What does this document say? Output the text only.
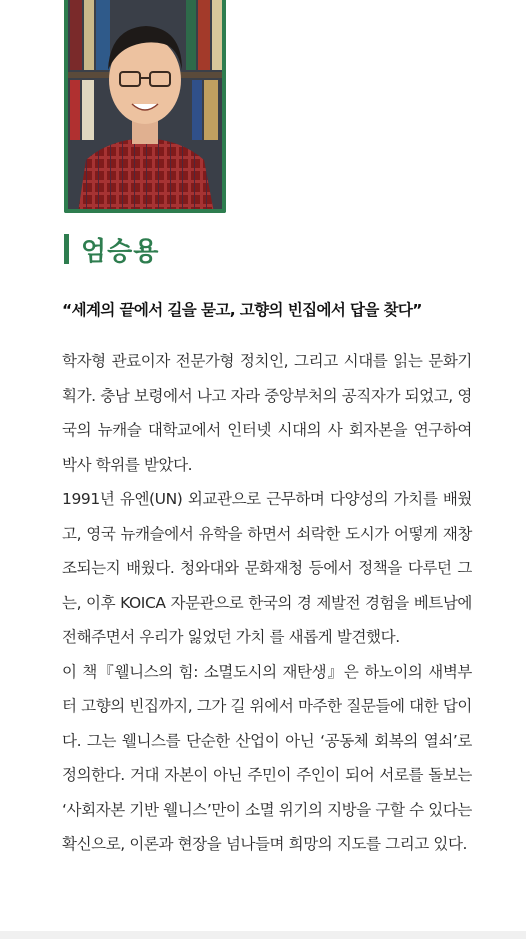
엄승용
“세계의 끝에서 길을 묻고, 고향의 빈집에서 답을 찾다”

학자형 관료이자 전문가형 정치인, 그리고 시대를 읽는 문화기획가. 충남 보령에서 나고 자라 중앙부처의 공직자가 되었고, 영국의 뉴캐슬 대학교에서 인터넷 시대의 사 회자본을 연구하여 박사 학위를 받았다.

1991년 유엔(UN) 외교관으로 근무하며 다양성의 가치를 배웠고, 영국 뉴캐슬에서 유학을 하면서 쇠락한 도시가 어떻게 재창조되는지 배웠다. 청와대와 문화재청 등에서 정책을 다루던 그는, 이후 KOICA 자문관으로 한국의 경 제발전 경험을 베트남에 전해주면서 우리가 잃었던 가치 를 새롭게 발견했다.

이 책『웰니스의 힘: 소멸도시의 재탄생』은 하노이의 새벽부터 고향의 빈집까지, 그가 길 위에서 마주한 질문들에 대한 답이다. 그는 웰니스를 단순한 산업이 아닌 ‘공동체 회복의 열쇠’로 정의한다. 거대 자본이 아닌 주민이 주인이 되어 서로를 돌보는 ‘사회자본 기반 웰니스’만이 소멸 위기의 지방을 구할 수 있다는 확신으로, 이론과 현장을 넘나들며 희망의 지도를 그리고 있다.
